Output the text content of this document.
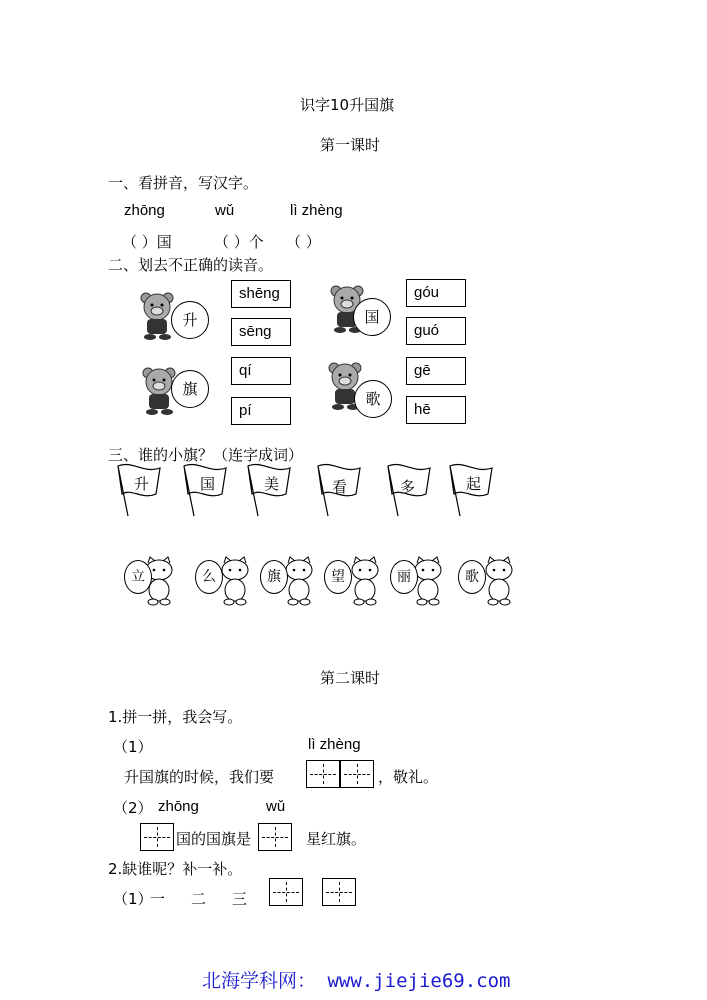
识字10升国旗
第一课时
一、看拼音，写汉字。
zhōng	wǔ	lì zhèng
（ ）国	（ ）个 （ ）
二、划去不正确的读音。
升	国
旗
歌
shēng
sēng
góu
guó
qí
pí
gē
hē
三、谁的小旗？（连字成词）
升	国	美	看	多	起
立	么	旗	望	丽	歌
第二课时
1.拼一拼，我会写。
（1）	lì zhèng
升国旗的时候，我们要	，敬礼。
（2） zhōng	wǔ
国的国旗是	星红旗。
2.缺谁呢？补一补。
（1）
一 二 三
北海学科网： www.jiejie69.com
